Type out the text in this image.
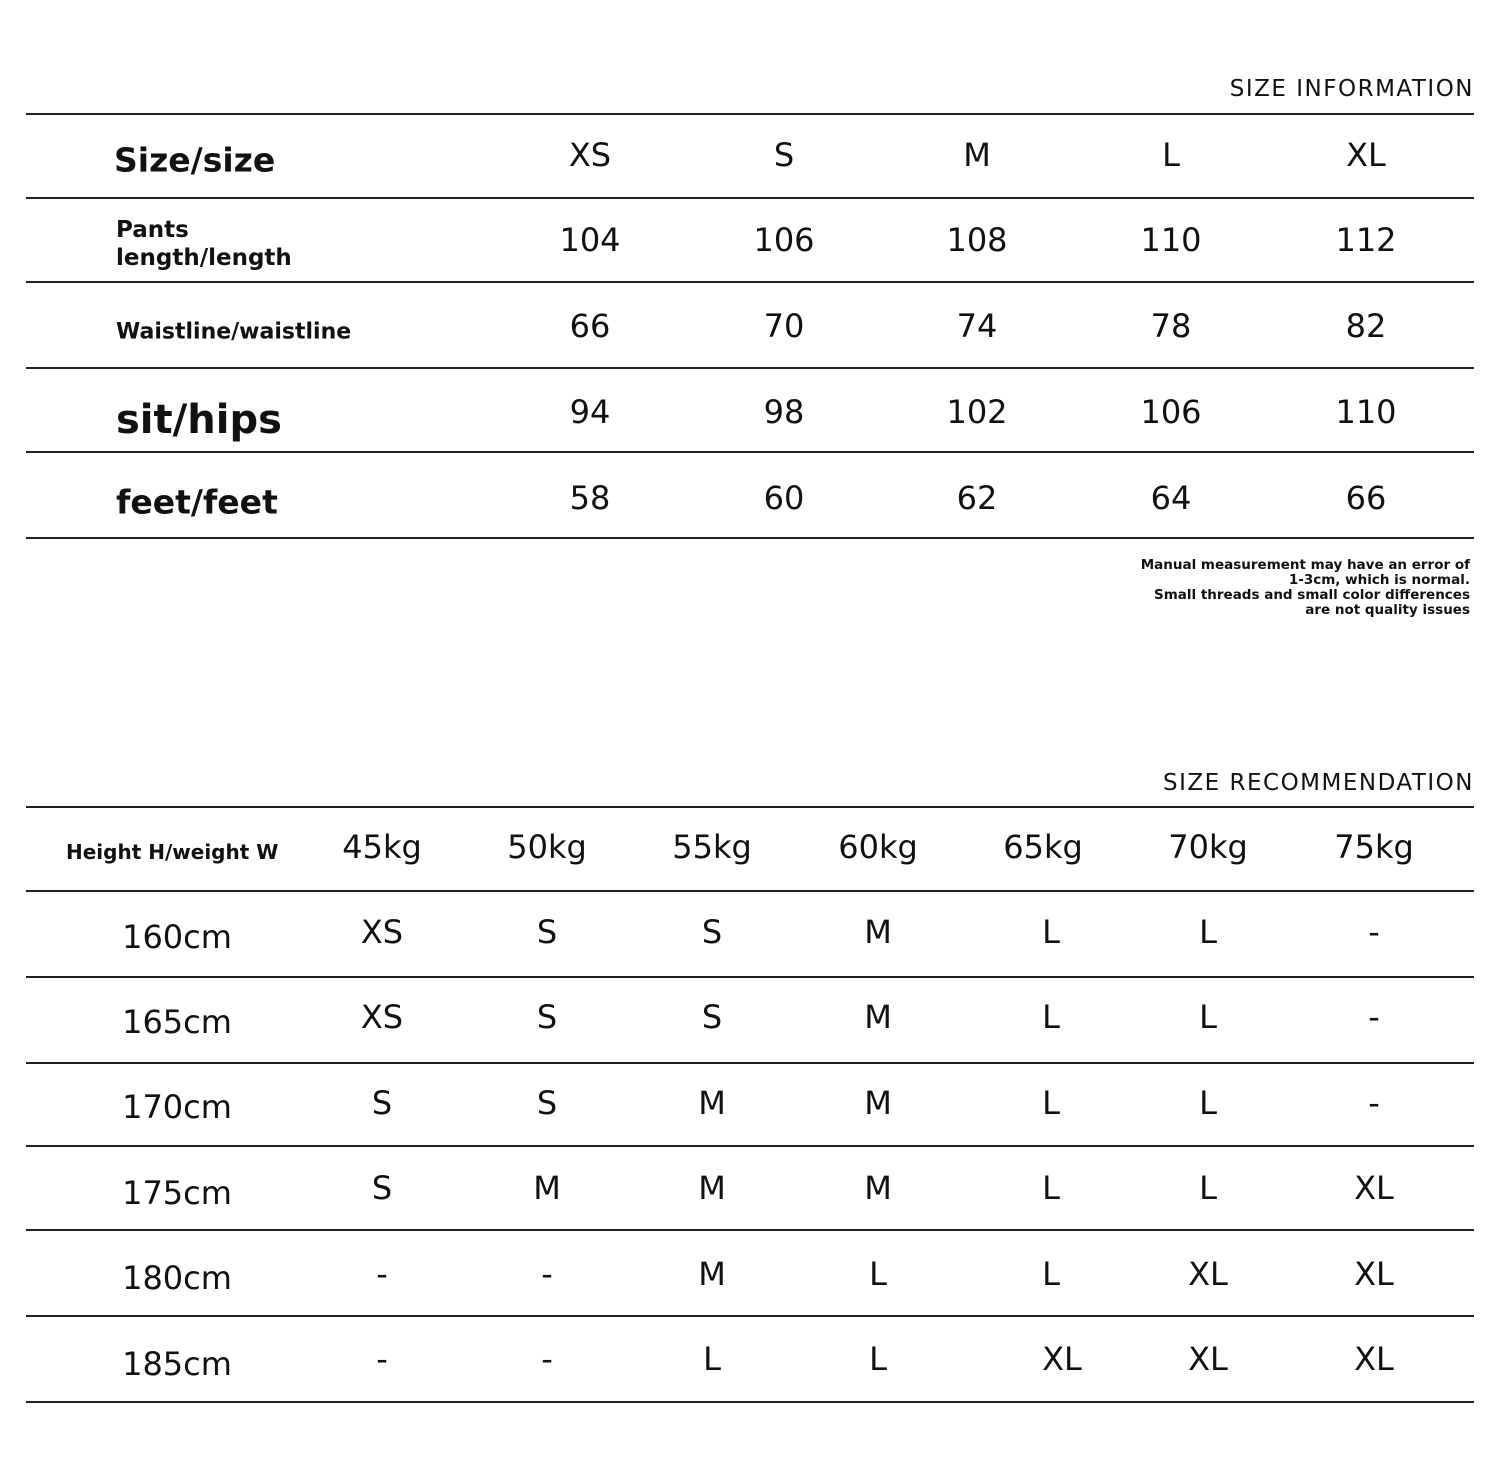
SIZE INFORMATION
Size/size	XS	S	M	L	XL
Pants
length/length	104	106	108	110	112
Waistline/waistline	66	70	74	78	82
sit/hips	94	98	102	106	110
feet/feet	58	60	62	64	66
Manual measurement may have an error of
1-3cm, which is normal.
Small threads and small color differences
are not quality issues
SIZE RECOMMENDATION
Height H/weight W 45kg	50kg	55kg	60kg	65kg	70kg	75kg
160cm	XS	S	S	M	L	L	-
165cm	XS	S	S	M	L	L	-
170cm	S	S	M	M	L	L	-
175cm	S	M	M	M	L	L	XL
180cm	-	-	M	L	L	XL	XL
185cm	-	-	L	L	XL	XL	XL
